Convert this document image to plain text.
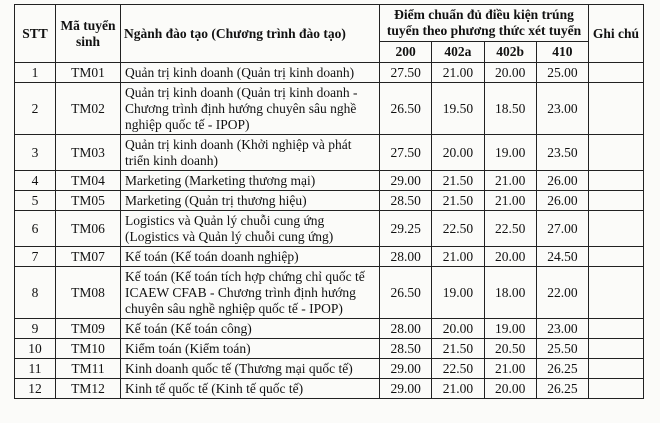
STT	Mã tuyển sinh	Ngành đào tạo (Chương trình đào tạo)	Điểm chuẩn đủ điều kiện trúng tuyển theo phương thức xét tuyển				Ghi chú
			200	402a	402b	410	
1	TM01	Quản trị kinh doanh (Quản trị kinh doanh)	27.50	21.00	20.00	25.00	
2	TM02	Quản trị kinh doanh (Quản trị kinh doanh - Chương trình định hướng chuyên sâu nghề nghiệp quốc tế - IPOP)	26.50	19.50	18.50	23.00	
3	TM03	Quản trị kinh doanh (Khởi nghiệp và phát triển kinh doanh)	27.50	20.00	19.00	23.50	
4	TM04	Marketing (Marketing thương mại)	29.00	21.50	21.00	26.00	
5	TM05	Marketing (Quản trị thương hiệu)	28.50	21.50	21.00	26.00	
6	TM06	Logistics và Quản lý chuỗi cung ứng (Logistics và Quản lý chuỗi cung ứng)	29.25	22.50	22.50	27.00	
7	TM07	Kế toán (Kế toán doanh nghiệp)	28.00	21.00	20.00	24.50	
8	TM08	Kế toán (Kế toán tích hợp chứng chỉ quốc tế ICAEW CFAB - Chương trình định hướng chuyên sâu nghề nghiệp quốc tế - IPOP)	26.50	19.00	18.00	22.00	
9	TM09	Kế toán (Kế toán công)	28.00	20.00	19.00	23.00	
10	TM10	Kiểm toán (Kiểm toán)	28.50	21.50	20.50	25.50	
11	TM11	Kinh doanh quốc tế (Thương mại quốc tế)	29.00	22.50	21.00	26.25	
12	TM12	Kinh tế quốc tế (Kinh tế quốc tế)	29.00	21.00	20.00	26.25	
